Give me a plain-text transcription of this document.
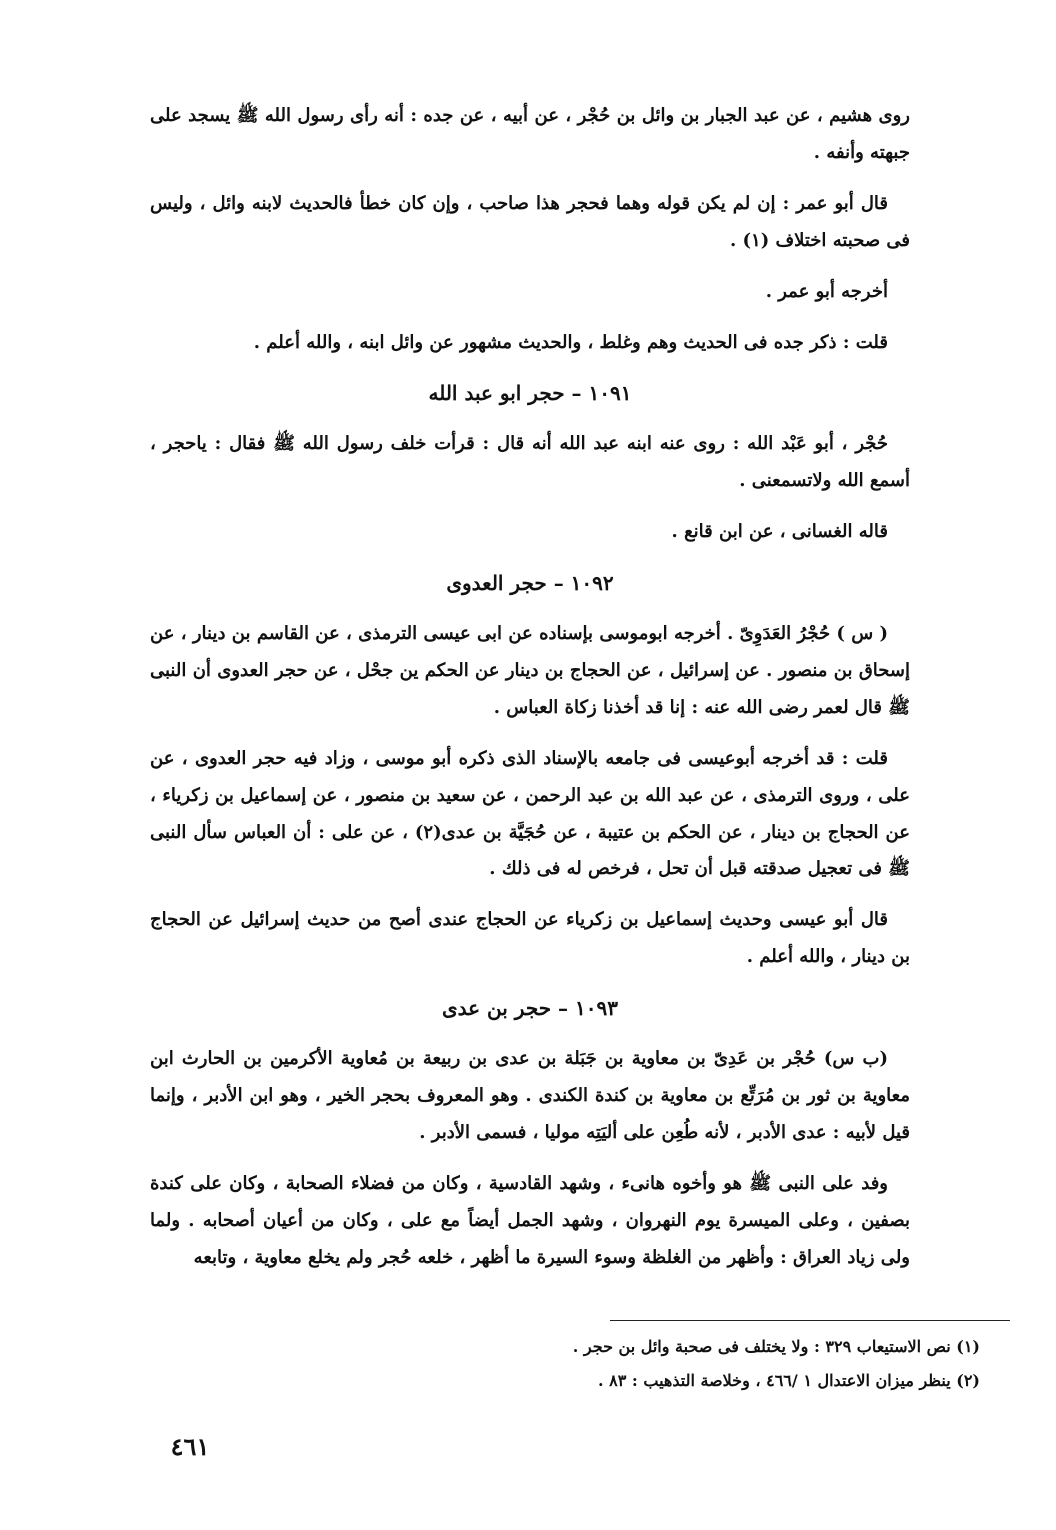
روى هشيم ، عن عبد الجبار بن وائل بن حُجْر ، عن أبيه ، عن جده : أنه رأى رسول الله ﷺ يسجد على جبهته وأنفه .

قال أبو عمر : إن لم يكن قوله وهما فحجر هذا صاحب ، وإن كان خطأ فالحديث لابنه وائل ، وليس فى صحبته اختلاف (١) .

أخرجه أبو عمر .

قلت : ذكر جده فى الحديث وهم وغلط ، والحديث مشهور عن وائل ابنه ، والله أعلم .

١٠٩١ – حجر ابو عبد الله

حُجْر ، أبو عَبْد الله : روى عنه ابنه عبد الله أنه قال : قرأت خلف رسول الله ﷺ فقال : ياحجر ، أسمع الله ولاتسمعنى .

قاله الغسانى ، عن ابن قانع .

١٠٩٢ – حجر العدوى

( س ) حُجْرُ العَدَوِىّ . أخرجه ابوموسى بإسناده عن ابى عيسى الترمذى ، عن القاسم بن دينار ، عن إسحاق بن منصور . عن إسرائيل ، عن الحجاج بن دينار عن الحكم ين جحْل ، عن حجر العدوى أن النبى ﷺ قال لعمر رضى الله عنه : إنا قد أخذنا زكاة العباس .

قلت : قد أخرجه أبوعيسى فى جامعه بالإسناد الذى ذكره أبو موسى ، وزاد فيه حجر العدوى ، عن على ، وروى الترمذى ، عن عبد الله بن عبد الرحمن ، عن سعيد بن منصور ، عن إسماعيل بن زكرياء ، عن الحجاج بن دينار ، عن الحكم بن عتيبة ، عن حُجَيَّة بن عدى(٢) ، عن على : أن العباس سأل النبى ﷺ فى تعجيل صدقته قبل أن تحل ، فرخص له فى ذلك .

قال أبو عيسى وحديث إسماعيل بن زكرياء عن الحجاج عندى أصح من حديث إسرائيل عن الحجاج بن دينار ، والله أعلم .

١٠٩٣ – حجر بن عدى

(ب س) حُجْر بن عَدِىّ بن معاوية بن جَبَلة بن عدى بن ربيعة بن مُعاوية الأكرمين بن الحارث ابن معاوية بن ثور بن مُرَتِّع بن معاوية بن كندة الكندى . وهو المعروف بحجر الخير ، وهو ابن الأدبر ، وإنما قيل لأبيه : عدى الأدبر ، لأنه طُعِن على أليَتِه موليا ، فسمى الأدبر .

وفد على النبى ﷺ هو وأخوه هانىء ، وشهد القادسية ، وكان من فضلاء الصحابة ، وكان على كندة بصفين ، وعلى الميسرة يوم النهروان ، وشهد الجمل أيضاً مع على ، وكان من أعيان أصحابه . ولما ولى زياد العراق : وأظهر من الغلظة وسوء السيرة ما أظهر ، خلعه حُجر ولم يخلع معاوية ، وتابعه

(١) نص الاستيعاب ٣٢٩ : ولا يختلف فى صحبة وائل بن حجر .
(٢) ينظر ميزان الاعتدال ١ /٤٦٦ ، وخلاصة التذهيب : ٨٣ .
٤٦١
